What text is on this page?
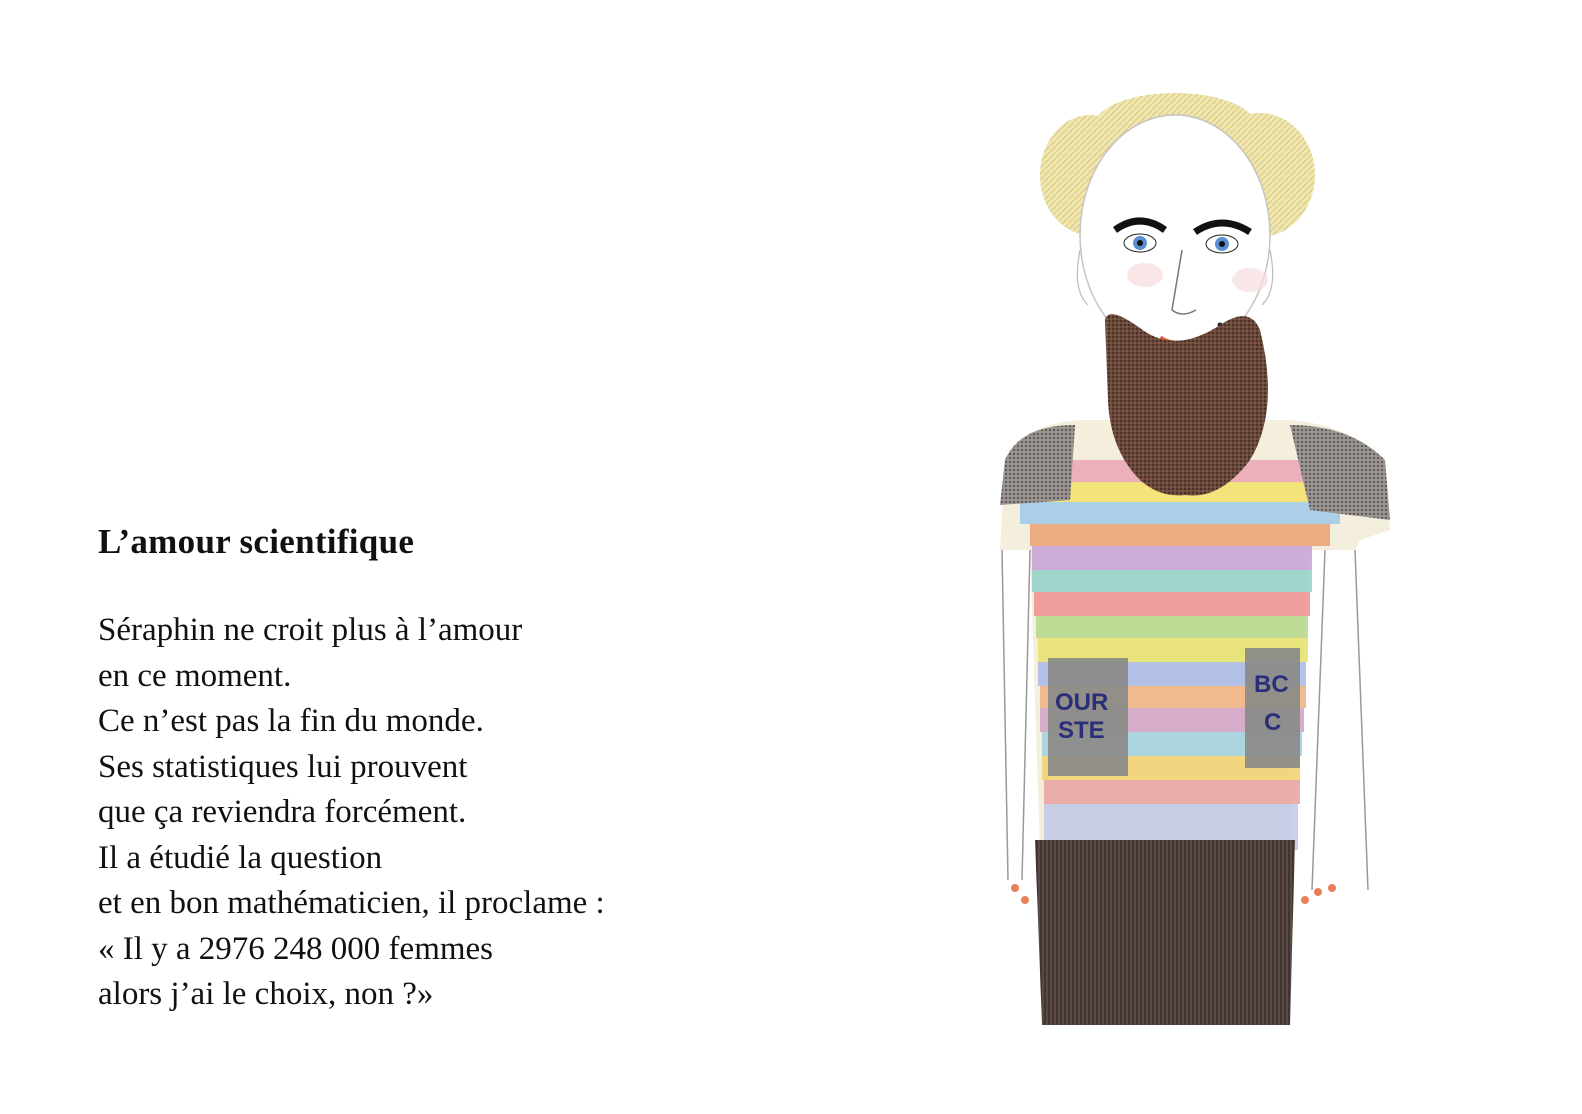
L’amour scientifique
Séraphin ne croit plus à l’amour
en ce moment.
Ce n’est pas la fin du monde.
Ses statistiques lui prouvent
que ça reviendra forcément.
Il a étudié la question
et en bon mathématicien, il proclame :
« Il y a 2976 248 000 femmes
alors j’ai le choix, non ?»
OUR
STE
BC
C
